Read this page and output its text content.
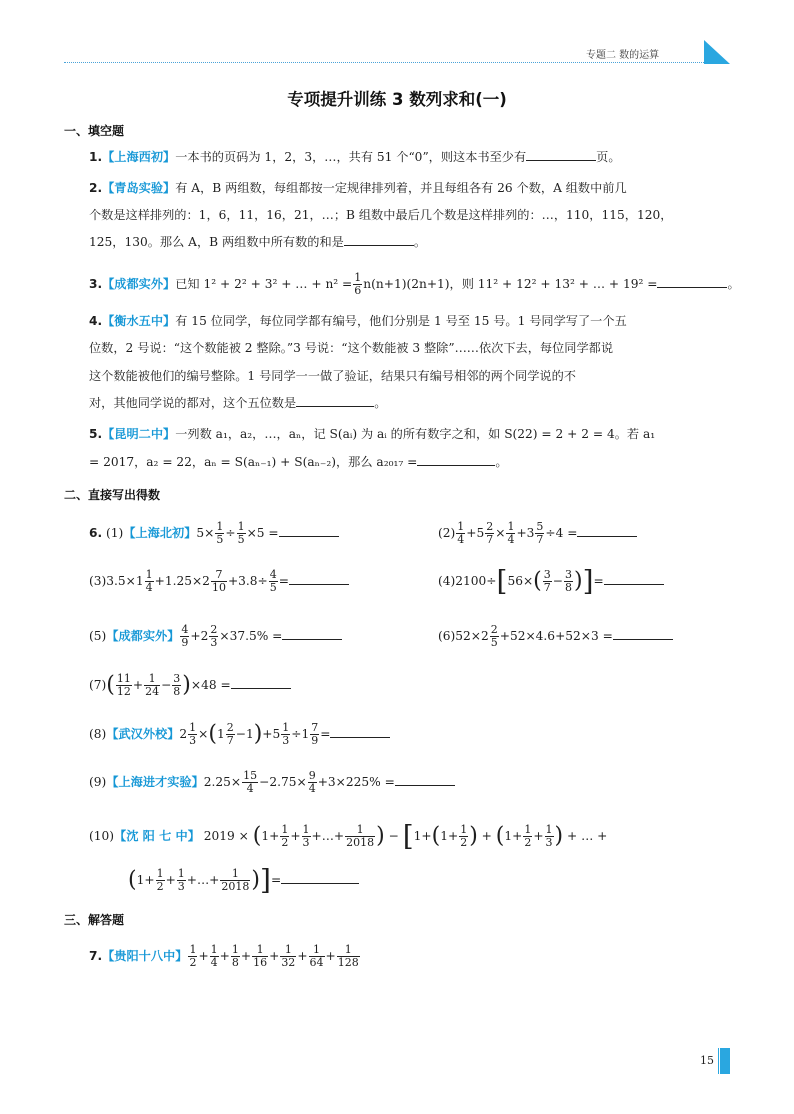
专题二 数的运算
专项提升训练 3 数列求和(一)
一、填空题
1.【上海西初】一本书的页码为 1，2，3，…，共有 51 个“0”，则这本书至少有	页。
2.【青岛实验】有 A，B 两组数，每组都按一定规律排列着，并且每组各有 26 个数，A 组数中前几
个数是这样排列的：1，6，11，16，21，…；B 组数中最后几个数是这样排列的：…，110，115，120，
125，130。那么 A，B 两组数中所有数的和是	。
3.【成都实外】已知 1² + 2² + 3² + … + $n^2 = \frac{1}{6} n(n+1)(2n+1)$，则 11² + 12² + 13² + … + 19² =	。
4.【衡水五中】有 15 位同学，每位同学都有编号，他们分别是 1 号至 15 号。1 号同学写了一个五
位数，2 号说：“这个数能被 2 整除。”3 号说：“这个数能被 3 整除”……依次下去，每位同学都说
这个数能被他们的编号整除。1 号同学一一做了验证，结果只有编号相邻的两个同学说的不
对，其他同学说的都对，这个五位数是	。
5.【昆明二中】一列数 a₁，a₂，…，aₙ，记 S(aᵢ) 为 aᵢ 的所有数字之和，如 S(22) = 2 + 2 = 4。若 a₁
= 2017，a₂ = 22，aₙ = S(aₙ₋₁) + S(aₙ₋₂)，那么 a₂₀₁₇ =	。
二、直接写出得数
6. (1)【上海北初】$5\times \frac{1}{5} \div \frac{1}{5} \times 5$ =	$(2) \frac{1}{4} +5 \frac{2}{7} \times \frac{1}{4} +3 \frac{5}{7} \div 4$ =
$(3)3.5\times 1 \frac{1}{4} +1.25\times 2 \frac{7}{10} +3.8\div \frac{4}{5}$ =	$(4)2100\div[56\times( \frac{3}{7} - \frac{3}{8}$ )]=
(5)【成都实外】 $\frac{4}{9} +2 \frac{2}{3} \times 37.5\%$ =	$(6)52\times 2 \frac{2}{5} +52\times 4.6+52\times 3$ =
$(7)( \frac{11}{12} + \frac{1}{24} - \frac{3}{8} )\times 48$ =
(8)【武汉外校】$2 \frac{1}{3} \times(1 \frac{2}{7} -1)+5 \frac{1}{3} \div 1 \frac{7}{9}$ =
(9)【上海进才实验】$2.25\times \frac{15}{4} -2.75\times \frac{9}{4} +3\times 225\%$ =
(10)【沈 阳 七 中】 $2019 \times (1+ \frac{1}{2} + \frac{1}{3}$ +…+ $\frac{1}{2018}$ ) − [$1+(1+ \frac{1}{2}$ ) + ($1+ \frac{1}{2} + \frac{1}{3}$ ) + … +
($1+ \frac{1}{2} + \frac{1}{3}$ +…+ $\frac{1}{2018}$ )]=
三、解答题
7.【贵阳十八中】 $\frac{1}{2} + \frac{1}{4} + \frac{1}{8} + \frac{1}{16} + \frac{1}{32} + \frac{1}{64} + \frac{1}{128}$
15
